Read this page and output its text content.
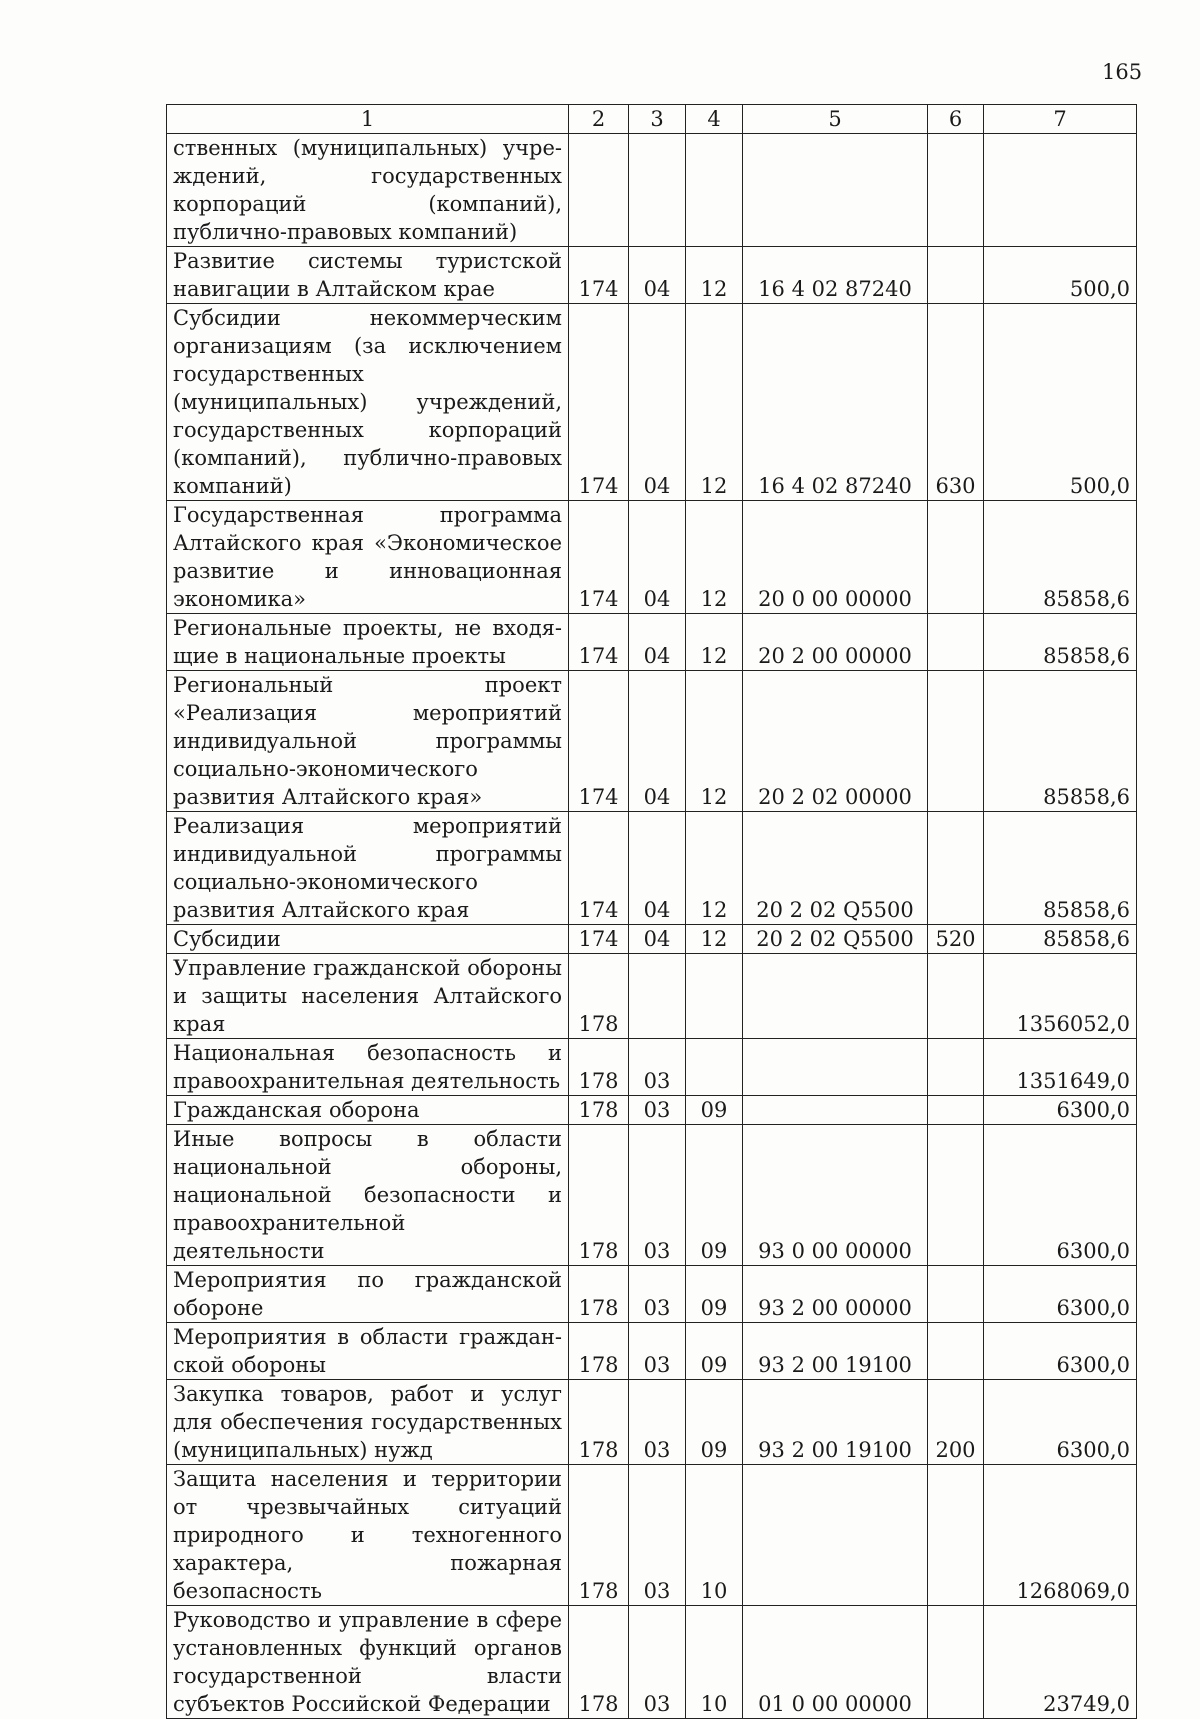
165
1	2	3	4	5	6	7
ственных (муниципальных) учреждений, государственных корпораций (компаний), публично-правовых компаний)						
Развитие системы туристской навигации в Алтайском крае	174	04	12	16 4 02 87240		500,0
Субсидии некоммерческим организациям (за исключением государственных (муниципальных) учреждений, государственных корпораций (компаний), публично-правовых компаний)	174	04	12	16 4 02 87240	630	500,0
Государственная программа Алтайского края «Экономическое развитие и инновационная экономика»	174	04	12	20 0 00 00000		85858,6
Региональные проекты, не входящие в национальные проекты	174	04	12	20 2 00 00000		85858,6
Региональный проект «Реализация мероприятий индивидуальной программы социально-экономического развития Алтайского края»	174	04	12	20 2 02 00000		85858,6
Реализация мероприятий индивидуальной программы социально-экономического развития Алтайского края	174	04	12	20 2 02 Q5500		85858,6
Субсидии	174	04	12	20 2 02 Q5500	520	85858,6
Управление гражданской обороны и защиты населения Алтайского края	178					1356052,0
Национальная безопасность и правоохранительная деятельность	178	03				1351649,0
Гражданская оборона	178	03	09			6300,0
Иные вопросы в области национальной обороны, национальной безопасности и правоохранительной деятельности	178	03	09	93 0 00 00000		6300,0
Мероприятия по гражданской обороне	178	03	09	93 2 00 00000		6300,0
Мероприятия в области гражданской обороны	178	03	09	93 2 00 19100		6300,0
Закупка товаров, работ и услуг для обеспечения государственных (муниципальных) нужд	178	03	09	93 2 00 19100	200	6300,0
Защита населения и территории от чрезвычайных ситуаций природного и техногенного характера, пожарная безопасность	178	03	10			1268069,0
Руководство и управление в сфере установленных функций органов государственной власти субъектов Российской Федерации	178	03	10	01 0 00 00000		23749,0
